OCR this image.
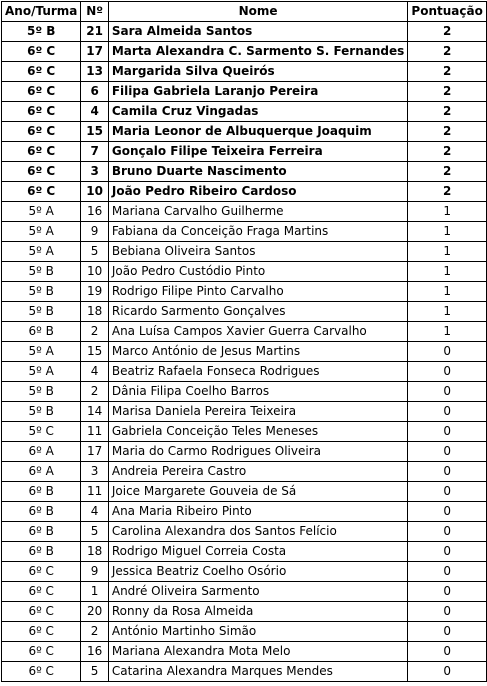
Ano/Turma	Nº	Nome	Pontuação
5º B	21	Sara Almeida Santos	2
6º C	17	Marta Alexandra C. Sarmento S. Fernandes	2
6º C	13	Margarida Silva Queirós	2
6º C	6	Filipa Gabriela Laranjo Pereira	2
6º C	4	Camila Cruz Vingadas	2
6º C	15	Maria Leonor de Albuquerque Joaquim	2
6º C	7	Gonçalo Filipe Teixeira Ferreira	2
6º C	3	Bruno Duarte Nascimento	2
6º C	10	João Pedro Ribeiro Cardoso	2
5º A	16	Mariana Carvalho Guilherme	1
5º A	9	Fabiana da Conceição Fraga Martins	1
5º A	5	Bebiana Oliveira Santos	1
5º B	10	João Pedro Custódio Pinto	1
5º B	19	Rodrigo Filipe Pinto Carvalho	1
5º B	18	Ricardo Sarmento Gonçalves	1
6º B	2	Ana Luísa Campos Xavier Guerra Carvalho	1
5º A	15	Marco António de Jesus Martins	0
5º A	4	Beatriz Rafaela Fonseca Rodrigues	0
5º B	2	Dânia Filipa Coelho Barros	0
5º B	14	Marisa Daniela Pereira Teixeira	0
5º C	11	Gabriela Conceição Teles Meneses	0
6º A	17	Maria do Carmo Rodrigues Oliveira	0
6º A	3	Andreia Pereira Castro	0
6º B	11	Joice Margarete Gouveia de Sá	0
6º B	4	Ana Maria Ribeiro Pinto	0
6º B	5	Carolina Alexandra dos Santos Felício	0
6º B	18	Rodrigo Miguel Correia Costa	0
6º C	9	Jessica Beatriz Coelho Osório	0
6º C	1	André Oliveira Sarmento	0
6º C	20	Ronny da Rosa Almeida	0
6º C	2	António Martinho Simão	0
6º C	16	Mariana Alexandra Mota Melo	0
6º C	5	Catarina Alexandra Marques Mendes	0
